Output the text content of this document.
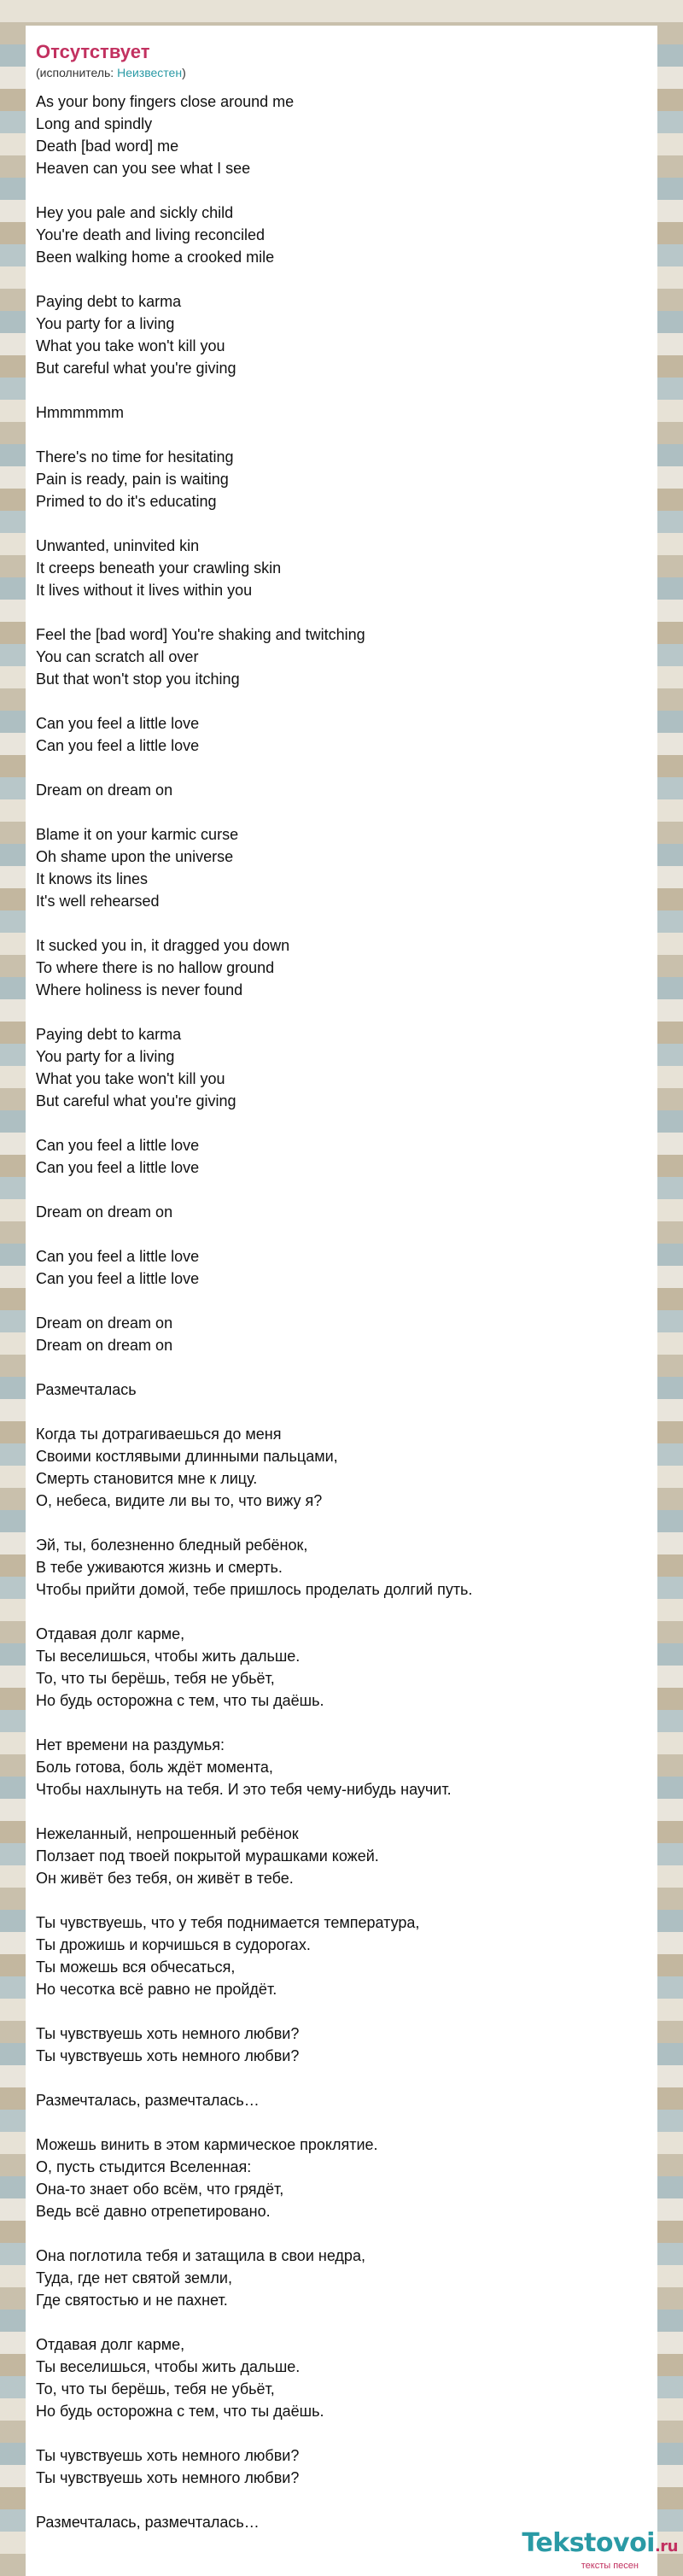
Отсутствует
(исполнитель: Неизвестен)
As your bony fingers close around me
Long and spindly
Death [bad word] me
Heaven can you see what I see
Hey you pale and sickly child
You're death and living reconciled
Been walking home a crooked mile
Paying debt to karma
You party for a living
What you take won't kill you
But careful what you're giving
Hmmmmmm
There's no time for hesitating
Pain is ready, pain is waiting
Primed to do it's educating
Unwanted, uninvited kin
It creeps beneath your crawling skin
It lives without it lives within you
Feel the [bad word] You're shaking and twitching
You can scratch all over
But that won't stop you itching
Can you feel a little love
Can you feel a little love
Dream on dream on
Blame it on your karmic curse
Oh shame upon the universe
It knows its lines
It's well rehearsed
It sucked you in, it dragged you down
To where there is no hallow ground
Where holiness is never found
Paying debt to karma
You party for a living
What you take won't kill you
But careful what you're giving
Can you feel a little love
Can you feel a little love
Dream on dream on
Can you feel a little love
Can you feel a little love
Dream on dream on
Dream on dream on
Размечталась
Когда ты дотрагиваешься до меня
Своими костлявыми длинными пальцами,
Смерть становится мне к лицу.
О, небеса, видите ли вы то, что вижу я?
Эй, ты, болезненно бледный ребёнок,
В тебе уживаются жизнь и смерть.
Чтобы прийти домой, тебе пришлось проделать долгий путь.
Отдавая долг карме,
Ты веселишься, чтобы жить дальше.
То, что ты берёшь, тебя не убьёт,
Но будь осторожна с тем, что ты даёшь.
Нет времени на раздумья:
Боль готова, боль ждёт момента,
Чтобы нахлынуть на тебя. И это тебя чему-нибудь научит.
Нежеланный, непрошенный ребёнок
Ползает под твоей покрытой мурашками кожей.
Он живёт без тебя, он живёт в тебе.
Ты чувствуешь, что у тебя поднимается температура,
Ты дрожишь и корчишься в судорогах.
Ты можешь вся обчесаться,
Но чесотка всё равно не пройдёт.
Ты чувствуешь хоть немного любви?
Ты чувствуешь хоть немного любви?
Размечталась, размечталась…
Можешь винить в этом кармическое проклятие.
О, пусть стыдится Вселенная:
Она-то знает обо всём, что грядёт,
Ведь всё давно отрепетировано.
Она поглотила тебя и затащила в свои недра,
Туда, где нет святой земли,
Где святостью и не пахнет.
Отдавая долг карме,
Ты веселишься, чтобы жить дальше.
То, что ты берёшь, тебя не убьёт,
Но будь осторожна с тем, что ты даёшь.
Ты чувствуешь хоть немного любви?
Ты чувствуешь хоть немного любви?
Размечталась, размечталась…
Tekstovoi.ru
тексты песен
